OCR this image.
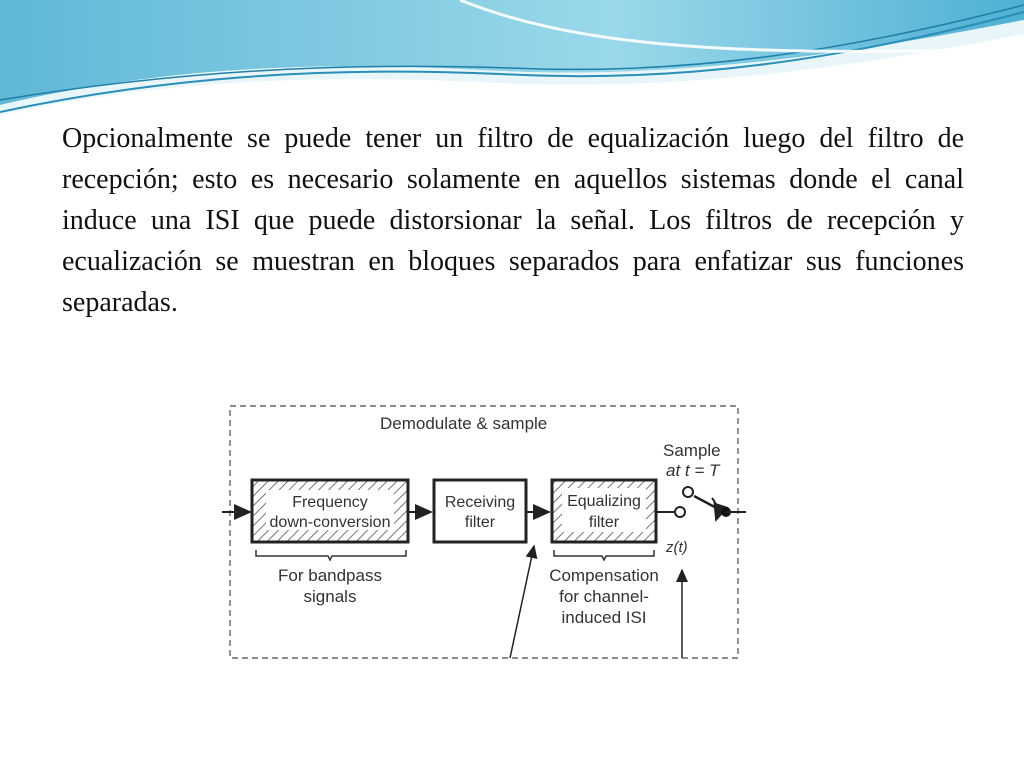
Opcionalmente se puede tener un filtro de equalización luego del filtro de recepción; esto es necesario solamente en aquellos sistemas donde el canal induce una ISI que puede distorsionar la señal. Los filtros de recepción y ecualización se muestran en bloques separados para enfatizar sus funciones separadas.

Demodulate & sample
Frequency
down-conversion
Receiving
filter
Equalizing
filter
Sample
at t = T
z(t)
For bandpass
signals
Compensation
for channel-
induced ISI
